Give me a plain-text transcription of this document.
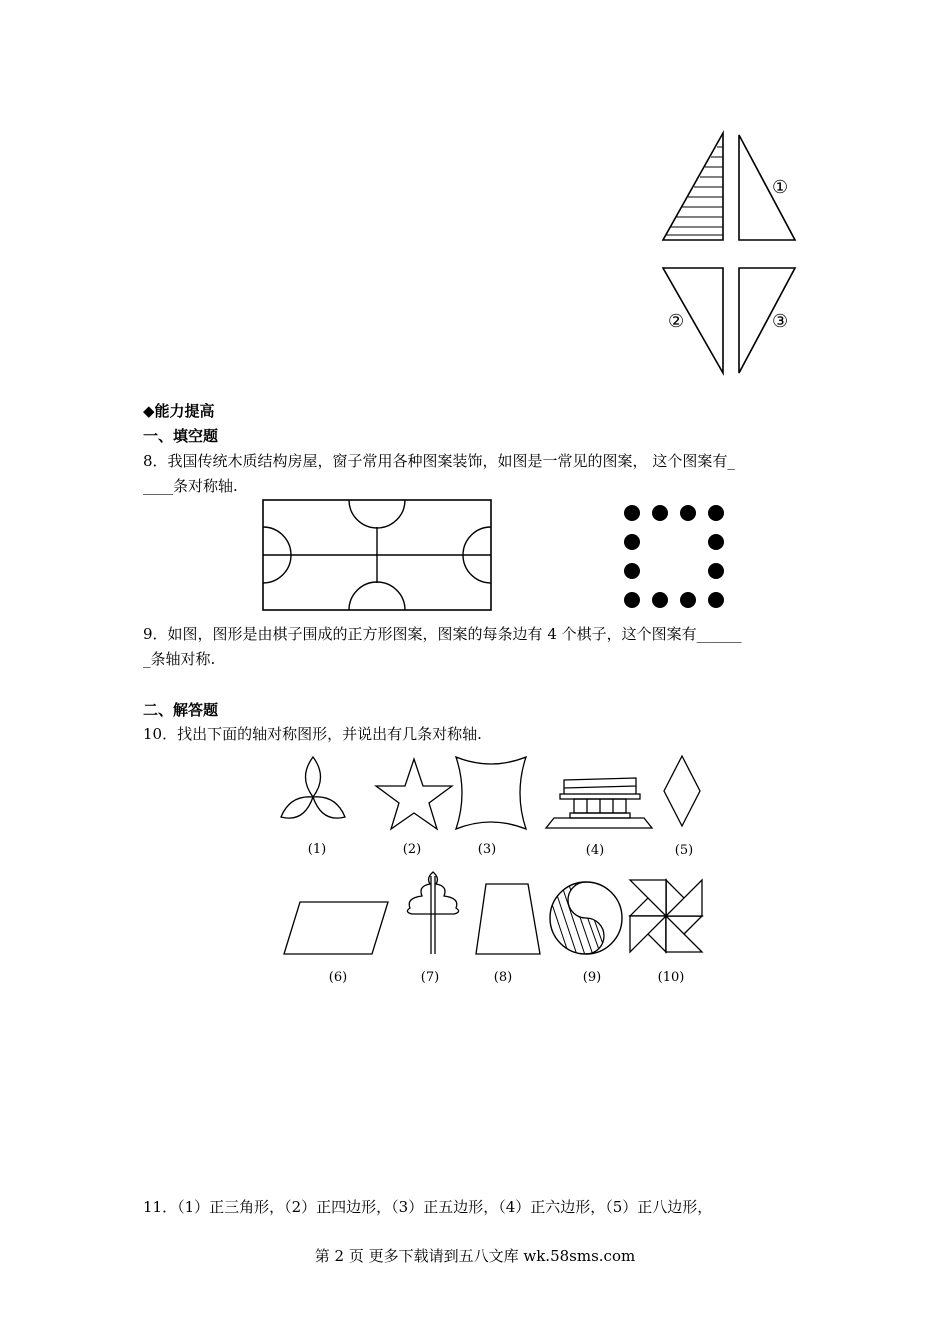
①
②	③
◆能力提高
一、填空题
8．我国传统木质结构房屋，窗子常用各种图案装饰，如图是一常见的图案， 这个图案有_
____条对称轴.
9．如图，图形是由棋子围成的正方形图案，图案的每条边有 4 个棋子，这个图案有______
_条轴对称.
二、解答题
10．找出下面的轴对称图形，并说出有几条对称轴.
(1)	(2)	(3)	(4)	(5)
(6)	(7)	(8)	(9)	(10)
11．（1）正三角形，（2）正四边形，（3）正五边形，（4）正六边形，（5）正八边形，
第 2 页 更多下载请到五八文库 wk.58sms.com
